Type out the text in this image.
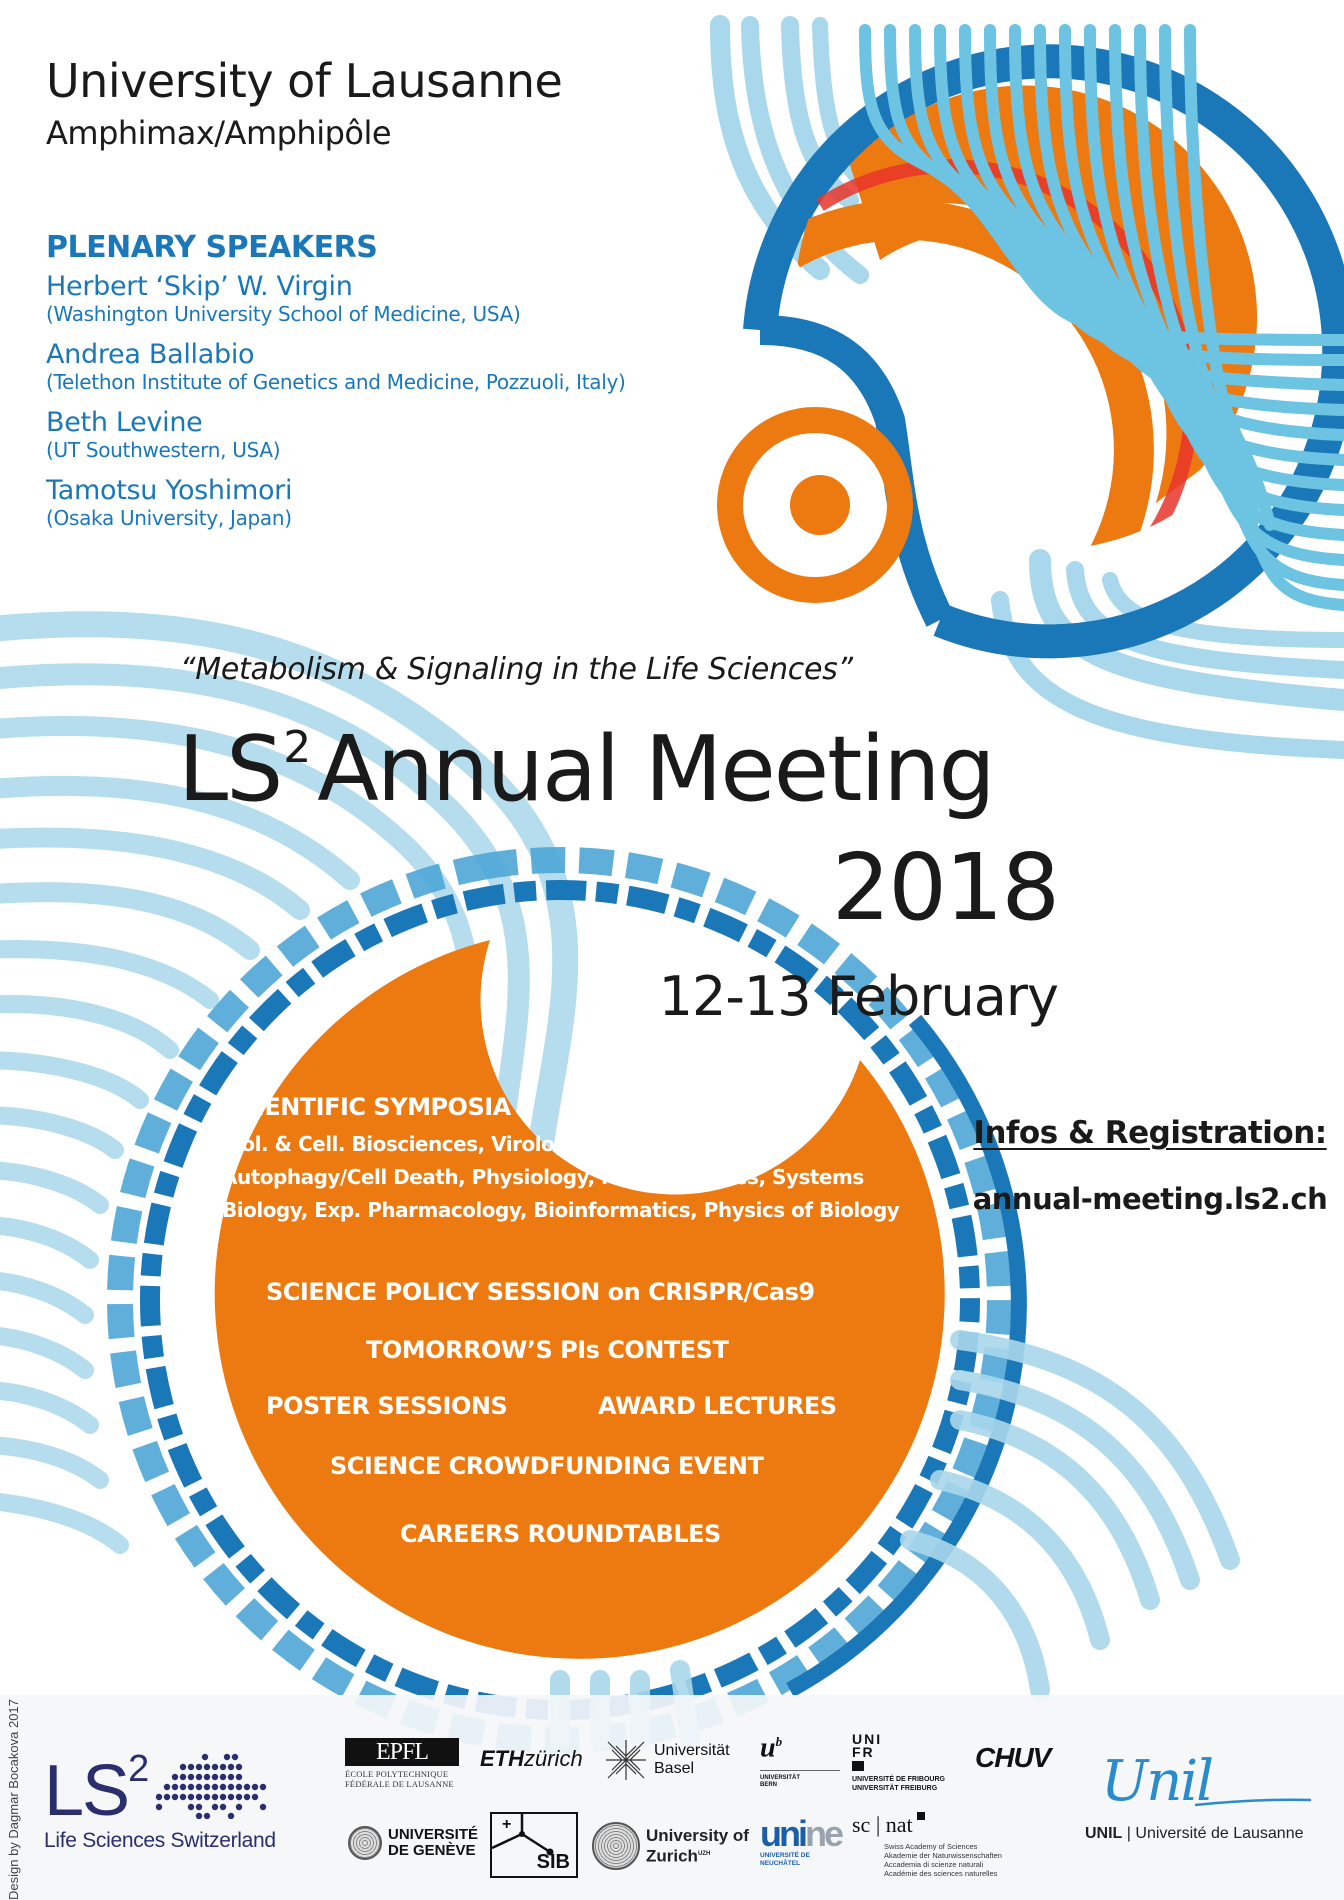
University of Lausanne
Amphimax/Amphipôle
PLENARY SPEAKERS
Herbert ‘Skip’ W. Virgin
(Washington University School of Medicine, USA)
Andrea Ballabio
(Telethon Institute of Genetics and Medicine, Pozzuoli, Italy)
Beth Levine
(UT Southwestern, USA)
Tamotsu Yoshimori
(Osaka University, Japan)
“Metabolism & Signaling in the Life Sciences”
$LS^2Annual$ Meeting
2018
12-13 February
Infos & Registration:
annual-meeting.ls2.ch
SCIENTIFIC SYMPOSIA
Mol. & Cell. Biosciences, Virology & Proteomics, Autophagy/Cell Death, Physiology, Neurosciences, Systems Biology, Exp. Pharmacology, Bioinformatics, Physics of Biology
SCIENCE POLICY SESSION on CRISPR/Cas9
TOMORROW’S PIs CONTEST
POSTER SESSIONS	AWARD LECTURES
SCIENCE CROWDFUNDING EVENT
CAREERS ROUNDTABLES
Design by Dagmar Bocakova 2017 $LS^2$
Life Sciences Switzerland
EPFL
ÉCOLE POLYTECHNIQUE
FÉDÉRALE DE LAUSANNE
ETHzürich	Universität
Basel
$u^b$
UNIVERSITÄT
BERN
UNI
FR
UNIVERSITÉ DE FRIBOURG
UNIVERSITÄT FREIBURG
CHUV
UNIVERSITÉ
DE GENÈVE
+
SIB
University of
Zurich$^{UZH}$	unine
UNIVERSITÉ DE
NEUCHÂTEL
sc | nat
Swiss Academy of Sciences
Akademie der Naturwissenschaften
Accademia di scienze naturali
Académie des sciences naturelles
Unil
UNIL | Université de Lausanne
